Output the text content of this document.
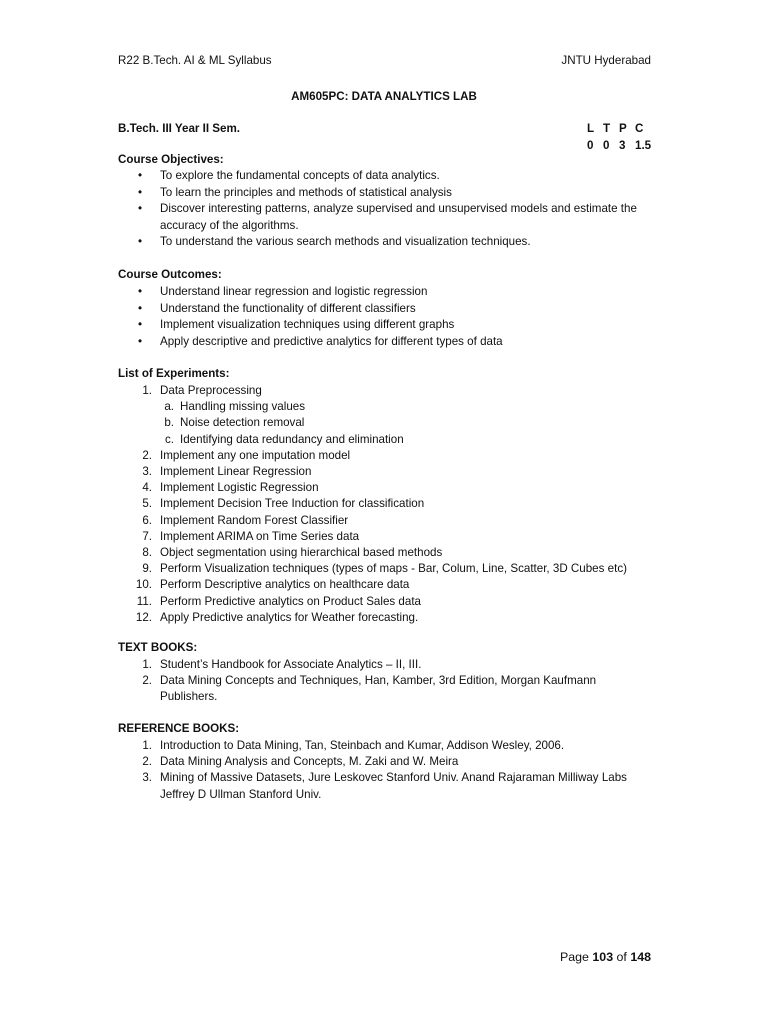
R22 B.Tech. AI & ML Syllabus	JNTU Hyderabad
AM605PC: DATA ANALYTICS LAB
B.Tech. III Year II Sem.	L T P C
0 0 3 1.5
Course Objectives:
• To explore the fundamental concepts of data analytics.
• To learn the principles and methods of statistical analysis
• Discover interesting patterns, analyze supervised and unsupervised models and estimate the accuracy of the algorithms.
• To understand the various search methods and visualization techniques.
Course Outcomes:
• Understand linear regression and logistic regression
• Understand the functionality of different classifiers
• Implement visualization techniques using different graphs
• Apply descriptive and predictive analytics for different types of data
List of Experiments:
1. Data Preprocessing
a. Handling missing values
b. Noise detection removal
c. Identifying data redundancy and elimination
2. Implement any one imputation model
3. Implement Linear Regression
4. Implement Logistic Regression
5. Implement Decision Tree Induction for classification
6. Implement Random Forest Classifier
7. Implement ARIMA on Time Series data
8. Object segmentation using hierarchical based methods
9. Perform Visualization techniques (types of maps - Bar, Colum, Line, Scatter, 3D Cubes etc)
10. Perform Descriptive analytics on healthcare data
11. Perform Predictive analytics on Product Sales data
12. Apply Predictive analytics for Weather forecasting.
TEXT BOOKS:
1. Student’s Handbook for Associate Analytics – II, III.
2. Data Mining Concepts and Techniques, Han, Kamber, 3rd Edition, Morgan Kaufmann Publishers.
REFERENCE BOOKS:
1. Introduction to Data Mining, Tan, Steinbach and Kumar, Addison Wesley, 2006.
2. Data Mining Analysis and Concepts, M. Zaki and W. Meira
3. Mining of Massive Datasets, Jure Leskovec Stanford Univ. Anand Rajaraman Milliway Labs Jeffrey D Ullman Stanford Univ.
Page 103 of 148
